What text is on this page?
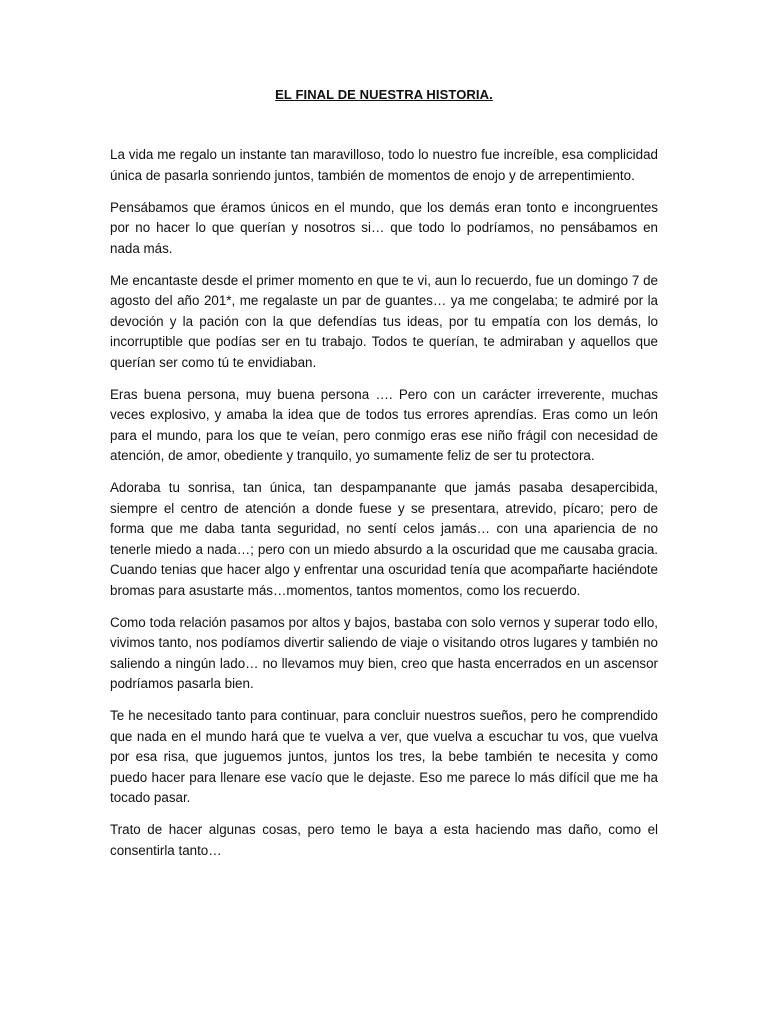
EL FINAL DE NUESTRA HISTORIA.

La vida me regalo un instante tan maravilloso, todo lo nuestro fue increíble, esa complicidad única de pasarla sonriendo juntos, también de momentos de enojo y de arrepentimiento.

Pensábamos que éramos únicos en el mundo, que los demás eran tonto e incongruentes por no hacer lo que querían y nosotros si… que todo lo podríamos, no pensábamos en nada más.

Me encantaste desde el primer momento en que te vi, aun lo recuerdo, fue un domingo 7 de agosto del año 201*, me regalaste un par de guantes… ya me congelaba; te admiré por la devoción y la pación con la que defendías tus ideas, por tu empatía con los demás, lo incorruptible que podías ser en tu trabajo. Todos te querían, te admiraban y aquellos que querían ser como tú te envidiaban.

Eras buena persona, muy buena persona …. Pero con un carácter irreverente, muchas veces explosivo, y amaba la idea que de todos tus errores aprendías. Eras como un león para el mundo, para los que te veían, pero conmigo eras ese niño frágil con necesidad de atención, de amor, obediente y tranquilo, yo sumamente feliz de ser tu protectora.

Adoraba tu sonrisa, tan única, tan despampanante que jamás pasaba desapercibida, siempre el centro de atención a donde fuese y se presentara, atrevido, pícaro; pero de forma que me daba tanta seguridad, no sentí celos jamás… con una apariencia de no tenerle miedo a nada…; pero con un miedo absurdo a la oscuridad que me causaba gracia. Cuando tenias que hacer algo y enfrentar una oscuridad tenía que acompañarte haciéndote bromas para asustarte más…momentos, tantos momentos, como los recuerdo.

Como toda relación pasamos por altos y bajos, bastaba con solo vernos y superar todo ello, vivimos tanto, nos podíamos divertir saliendo de viaje o visitando otros lugares y también no saliendo a ningún lado… no llevamos muy bien, creo que hasta encerrados en un ascensor podríamos pasarla bien.

Te he necesitado tanto para continuar, para concluir nuestros sueños, pero he comprendido que nada en el mundo hará que te vuelva a ver, que vuelva a escuchar tu vos, que vuelva por esa risa, que juguemos juntos, juntos los tres, la bebe también te necesita y como puedo hacer para llenare ese vacío que le dejaste. Eso me parece lo más difícil que me ha tocado pasar.

Trato de hacer algunas cosas, pero temo le baya a esta haciendo mas daño, como el consentirla tanto…
